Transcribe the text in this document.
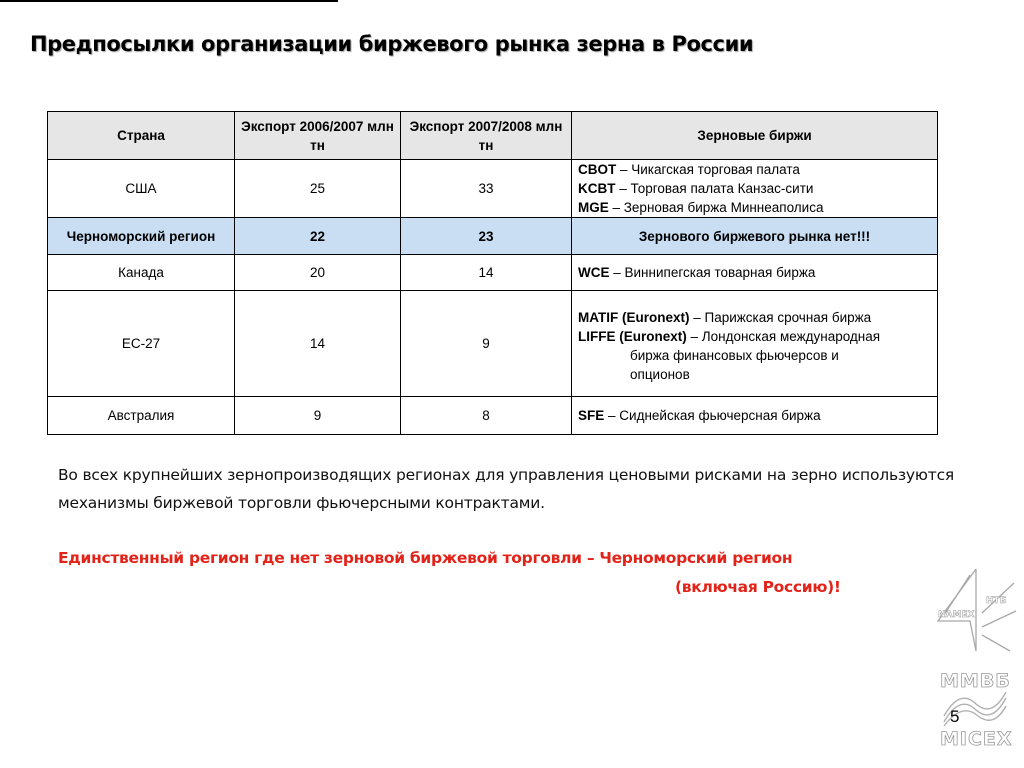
Предпосылки организации биржевого рынка зерна в России
Страна	Экспорт 2006/2007 млн тн	Экспорт 2007/2008 млн тн	Зерновые биржи
США	25	33	CBOT – Чикагская торговая палата
KCBT – Торговая палата Канзас-сити
MGE – Зерновая биржа Миннеаполиса

Черноморский регион	22	23	Зернового биржевого рынка нет!!!
Канада	20	14	WCE – Виннипегская товарная биржа

ЕС-27	14	9	MATIF (Euronext) – Парижская срочная биржа
LIFFE (Euronext) – Лондонская международная
биржа финансовых фьючерсов и
опционов

Австралия	9	8	SFE – Сиднейская фьючерсная биржа

Во всех крупнейших зернопроизводящих регионах для управления ценовыми рисками на зерно используются механизмы биржевой торговли фьючерсными контрактами.

Единственный регион где нет зерновой биржевой торговли – Черноморский регион
(включая Россию)!

НТБ
NAMEX
ММВБ
MICEX
5
